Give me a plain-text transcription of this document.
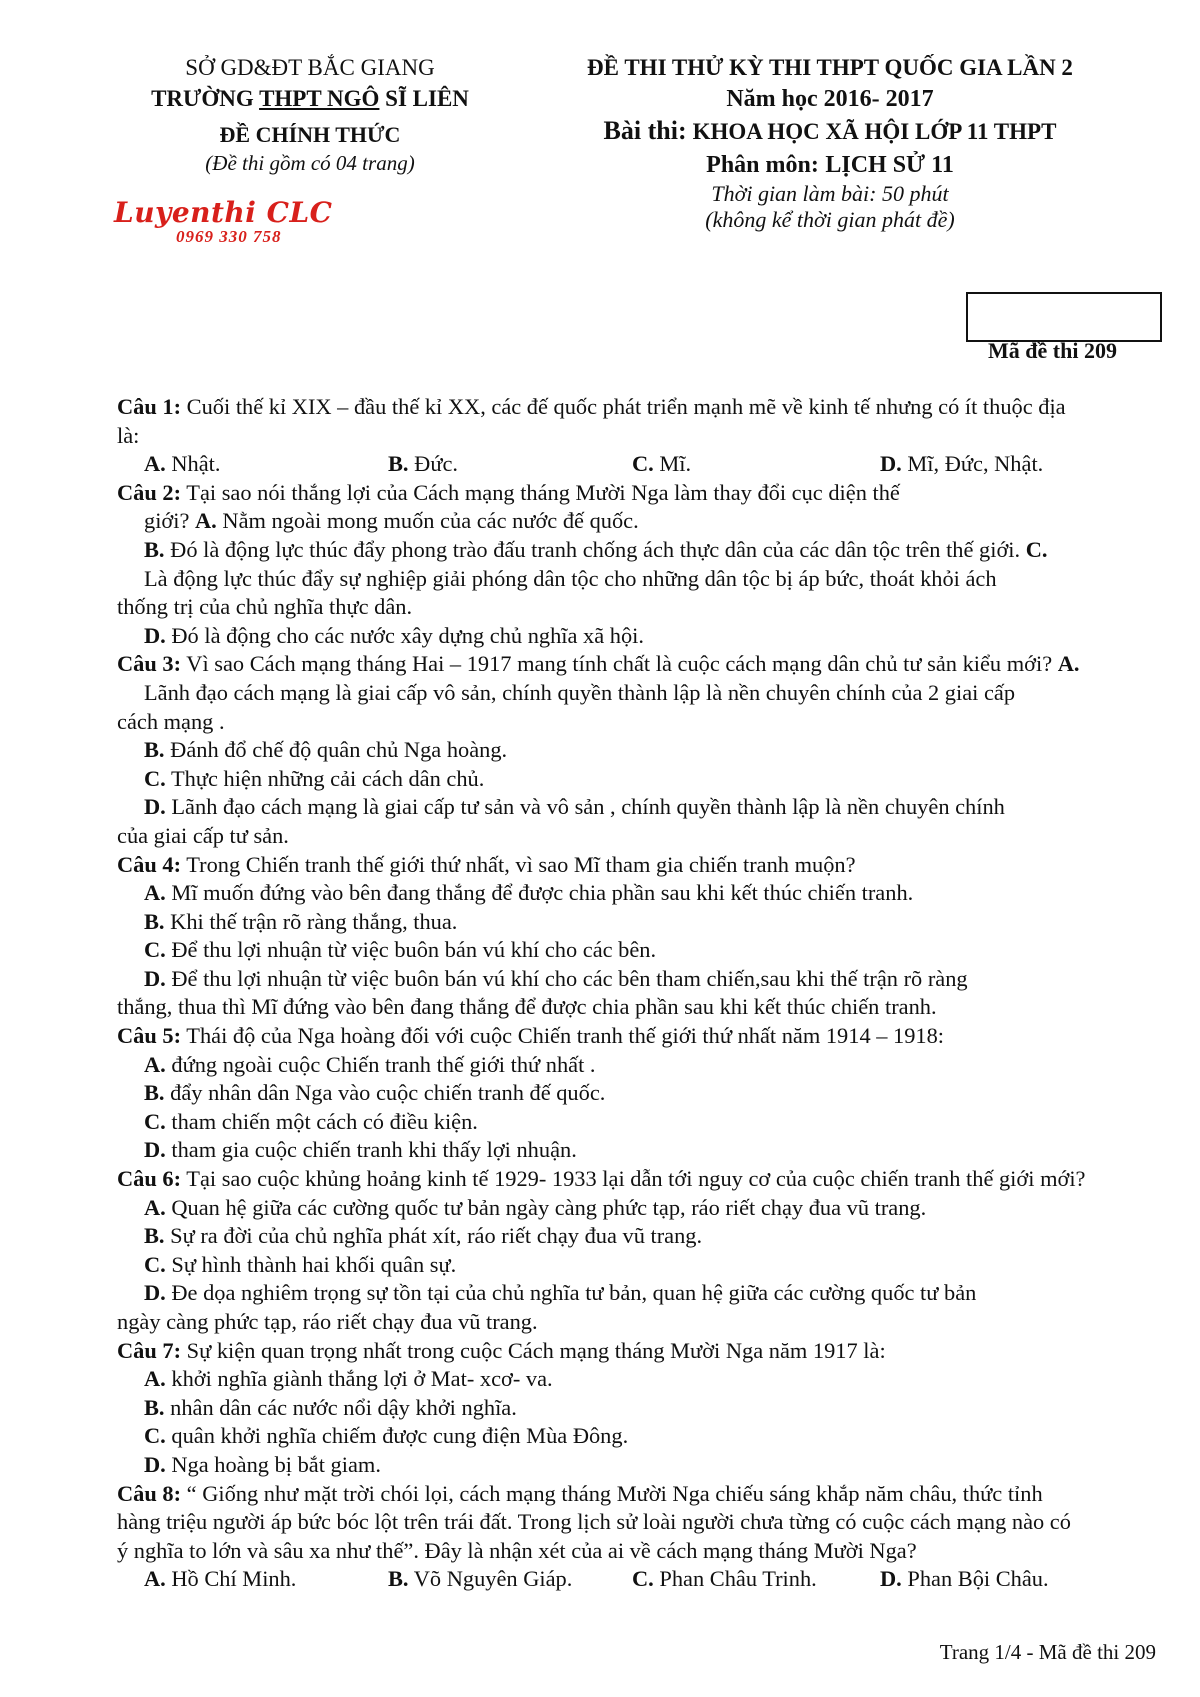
SỞ GD&ĐT BẮC GIANG
TRƯỜNG THPT NGÔ SĨ LIÊN
ĐỀ CHÍNH THỨC
(Đề thi gồm có 04 trang)
Luyenthi CLC
0969 330 758
ĐỀ THI THỬ KỲ THI THPT QUỐC GIA LẦN 2
Năm học 2016- 2017
Bài thi: KHOA HỌC XÃ HỘI LỚP 11 THPT
Phân môn: LỊCH SỬ 11
Thời gian làm bài: 50 phút
(không kể thời gian phát đề)
Mã đề thi 209
Câu 1: Cuối thế kỉ XIX – đầu thế kỉ XX, các đế quốc phát triển mạnh mẽ về kinh tế nhưng có ít thuộc địa
là:
A. Nhật.	B. Đức.	C. Mĩ.	D. Mĩ, Đức, Nhật.
Câu 2: Tại sao nói thắng lợi của Cách mạng tháng Mười Nga làm thay đổi cục diện thế
giới? A. Nằm ngoài mong muốn của các nước đế quốc.
B. Đó là động lực thúc đẩy phong trào đấu tranh chống ách thực dân của các dân tộc trên thế giới. C.
Là động lực thúc đẩy sự nghiệp giải phóng dân tộc cho những dân tộc bị áp bức, thoát khỏi ách
thống trị của chủ nghĩa thực dân.
D. Đó là động cho các nước xây dựng chủ nghĩa xã hội.
Câu 3: Vì sao Cách mạng tháng Hai – 1917 mang tính chất là cuộc cách mạng dân chủ tư sản kiểu mới? A.
Lãnh đạo cách mạng là giai cấp vô sản, chính quyền thành lập là nền chuyên chính của 2 giai cấp
cách mạng .
B. Đánh đổ chế độ quân chủ Nga hoàng.
C. Thực hiện những cải cách dân chủ.
D. Lãnh đạo cách mạng là giai cấp tư sản và vô sản , chính quyền thành lập là nền chuyên chính
của giai cấp tư sản.
Câu 4: Trong Chiến tranh thế giới thứ nhất, vì sao Mĩ tham gia chiến tranh muộn?
A. Mĩ muốn đứng vào bên đang thắng để được chia phần sau khi kết thúc chiến tranh.
B. Khi thế trận rõ ràng thắng, thua.
C. Để thu lợi nhuận từ việc buôn bán vú khí cho các bên.
D. Để thu lợi nhuận từ việc buôn bán vú khí cho các bên tham chiến,sau khi thế trận rõ ràng
thắng, thua thì Mĩ đứng vào bên đang thắng để được chia phần sau khi kết thúc chiến tranh.
Câu 5: Thái độ của Nga hoàng đối với cuộc Chiến tranh thế giới thứ nhất năm 1914 – 1918:
A. đứng ngoài cuộc Chiến tranh thế giới thứ nhất .
B. đẩy nhân dân Nga vào cuộc chiến tranh đế quốc.
C. tham chiến một cách có điều kiện.
D. tham gia cuộc chiến tranh khi thấy lợi nhuận.
Câu 6: Tại sao cuộc khủng hoảng kinh tế 1929- 1933 lại dẫn tới nguy cơ của cuộc chiến tranh thế giới mới?
A. Quan hệ giữa các cường quốc tư bản ngày càng phức tạp, ráo riết chạy đua vũ trang.
B. Sự ra đời của chủ nghĩa phát xít, ráo riết chạy đua vũ trang.
C. Sự hình thành hai khối quân sự.
D. Đe dọa nghiêm trọng sự tồn tại của chủ nghĩa tư bản, quan hệ giữa các cường quốc tư bản
ngày càng phức tạp, ráo riết chạy đua vũ trang.
Câu 7: Sự kiện quan trọng nhất trong cuộc Cách mạng tháng Mười Nga năm 1917 là:
A. khởi nghĩa giành thắng lợi ở Mat- xcơ- va.
B. nhân dân các nước nổi dậy khởi nghĩa.
C. quân khởi nghĩa chiếm được cung điện Mùa Đông.
D. Nga hoàng bị bắt giam.
Câu 8: “ Giống như mặt trời chói lọi, cách mạng tháng Mười Nga chiếu sáng khắp năm châu, thức tỉnh
hàng triệu người áp bức bóc lột trên trái đất. Trong lịch sử loài người chưa từng có cuộc cách mạng nào có
ý nghĩa to lớn và sâu xa như thế”. Đây là nhận xét của ai về cách mạng tháng Mười Nga?
A. Hồ Chí Minh.	B. Võ Nguyên Giáp.	C. Phan Châu Trinh.	D. Phan Bội Châu.
Trang 1/4 - Mã đề thi 209
